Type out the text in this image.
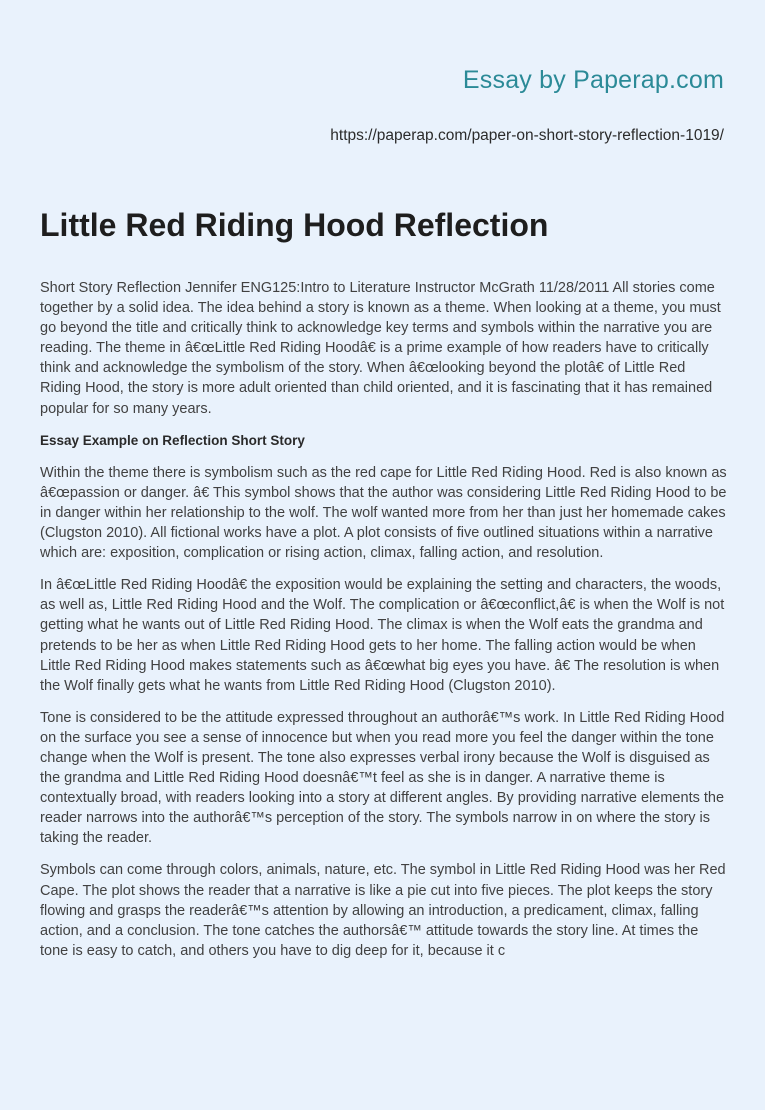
Essay by Paperap.com
https://paperap.com/paper-on-short-story-reflection-1019/
Little Red Riding Hood Reflection

Short Story Reflection Jennifer ENG125:Intro to Literature Instructor McGrath 11/28/2011 All stories come together by a solid idea. The idea behind a story is known as a theme. When looking at a theme, you must go beyond the title and critically think to acknowledge key terms and symbols within the narrative you are reading. The theme in â€œLittle Red Riding Hoodâ€ is a prime example of how readers have to critically think and acknowledge the symbolism of the story. When â€œlooking beyond the plotâ€ of Little Red Riding Hood, the story is more adult oriented than child oriented, and it is fascinating that it has remained popular for so many years.

Essay Example on Reflection Short Story

Within the theme there is symbolism such as the red cape for Little Red Riding Hood. Red is also known as â€œpassion or danger. â€ This symbol shows that the author was considering Little Red Riding Hood to be in danger within her relationship to the wolf. The wolf wanted more from her than just her homemade cakes (Clugston 2010). All fictional works have a plot. A plot consists of five outlined situations within a narrative which are: exposition, complication or rising action, climax, falling action, and resolution.

In â€œLittle Red Riding Hoodâ€ the exposition would be explaining the setting and characters, the woods, as well as, Little Red Riding Hood and the Wolf. The complication or â€œconflict,â€ is when the Wolf is not getting what he wants out of Little Red Riding Hood. The climax is when the Wolf eats the grandma and pretends to be her as when Little Red Riding Hood gets to her home. The falling action would be when Little Red Riding Hood makes statements such as â€œwhat big eyes you have. â€ The resolution is when the Wolf finally gets what he wants from Little Red Riding Hood (Clugston 2010).

Tone is considered to be the attitude expressed throughout an authorâ€™s work. In Little Red Riding Hood on the surface you see a sense of innocence but when you read more you feel the danger within the tone change when the Wolf is present. The tone also expresses verbal irony because the Wolf is disguised as the grandma and Little Red Riding Hood doesnâ€™t feel as she is in danger. A narrative theme is contextually broad, with readers looking into a story at different angles. By providing narrative elements the reader narrows into the authorâ€™s perception of the story. The symbols narrow in on where the story is taking the reader.

Symbols can come through colors, animals, nature, etc. The symbol in Little Red Riding Hood was her Red Cape. The plot shows the reader that a narrative is like a pie cut into five pieces. The plot keeps the story flowing and grasps the readerâ€™s attention by allowing an introduction, a predicament, climax, falling action, and a conclusion. The tone catches the authorsâ€™ attitude towards the story line. At times the tone is easy to catch, and others you have to dig deep for it, because it c
